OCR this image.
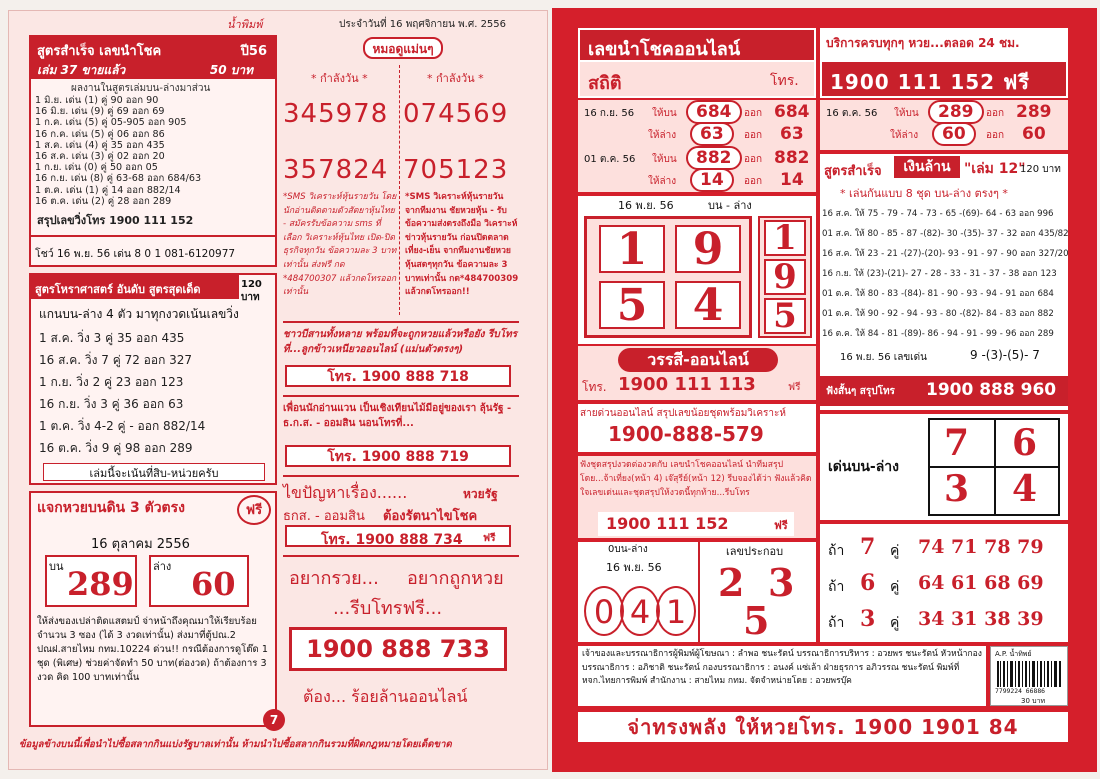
น้ำพิมพ์	ประจำวันที่ 16 พฤศจิกายน พ.ศ. 2556
สูตรสำเร็จ เลขนำโชค	ปี56
เล่ม 37 ขายแล้ว	50 บาท
ผลงานในสูตรเล่มบน-ล่างมาส่วน
1 มิ.ย. เด่น (1) คู่ 90 ออก 90
16 มิ.ย. เด่น (9) คู่ 69 ออก 69
1 ก.ค. เด่น (5) คู่ 05-905 ออก 905
16 ก.ค. เด่น (5) คู่ 06 ออก 86
1 ส.ค. เด่น (4) คู่ 35 ออก 435
16 ส.ค. เด่น (3) คู่ 02 ออก 20
1 ก.ย. เด่น (0) คู่ 50 ออก 05
16 ก.ย. เด่น (8) คู่ 63-68 ออก 684/63
1 ต.ค. เด่น (1) คู่ 14 ออก 882/14
16 ต.ค. เด่น (2) คู่ 28 ออก 289
สรุปเลขวิ่งโทร 1900 111 152
โชว์ 16 พ.ย. 56 เด่น 8 0 1 081-6120977
สูตรโหราศาสตร์ อันดับ สูตรสุดเด็ด	120 บาท
แกนบน-ล่าง 4 ตัว มาทุกงวดเน้นเลขวิ่ง
1 ส.ค. วิ่ง 3 คู่ 35 ออก 435
16 ส.ค. วิ่ง 7 คู่ 72 ออก 327
1 ก.ย. วิ่ง 2 คู่ 23 ออก 123
16 ก.ย. วิ่ง 3 คู่ 36 ออก 63
1 ต.ค. วิ่ง 4-2 คู่ - ออก 882/14
16 ต.ค. วิ่ง 9 คู่ 98 ออก 289
เล่มนี้จะเน้นที่สิบ-หน่วยครับ
แจกหวยบนดิน 3 ตัวตรง	ฟรี
16 ตุลาคม 2556
บน 289 ล่าง 60
ให้ส่งของเปล่าติดแสตมป์ จ่าหน้าถึงคุณมาให้เรียบร้อย จำนวน 3 ซอง (ได้ 3 งวดเท่านั้น) ส่งมาที่ตู้ปณ.2 ปณฝ.สายไหม กทม.10224 ด่วน!! กรณีต้องการดูโต๊ด 1 ชุด (พิเศษ) ช่วยค่าจัดทำ 50 บาท(ต่องวด) ถ้าต้องการ 3 งวด คิด 100 บาทเท่านั้น
หมอดูแม่นๆ
* กำลังวัน *	* กำลังวัน *
345978 074569
357824 705123
*SMS วิเคราะห์หุ้นรายวัน โดยนักอ่านติดตามตัวสัตยาหุ้นไทย - สมัครรับข้อความ sms ที่เลือก วิเคราะห์หุ้นไทย เปิด-ปิด ธุรกิจทุกวัน ข้อความละ 3 บาทเท่านั้น ส่งฟรี กด *484700307 แล้วกดโทรออกเท่านั้น
*SMS วิเคราะห์หุ้นรายวัน จากทีมงาน ชัยหวยหุ้น - รับข้อความส่งตรงถึงมือ วิเคราะห์ข่าวหุ้นรายวัน ก่อนปิดตลาดเที่ยง-เย็น จากทีมงานชัยหวยหุ้นสดๆทุกวัน ข้อความละ 3 บาทเท่านั้น กด*484700309 แล้วกดโทรออก!!
ชาวบีสานทั้งหลาย พร้อมที่จะถูกหวยแล้วหรือยัง รีบโทรที่...ลูกข้าวเหนียวออนไลน์ (แม่นตัวตรงๆ)
โทร. 1900 888 718
เพื่อนนักอ่านแวน เป็นเชิงเทียนไม้มีอยู่ของเรา ลุ้นรัฐ - ธ.ก.ส. - ออมสิน นอนโทรที่...
โทร. 1900 888 719
ไขปัญหาเรื่อง......	หวยรัฐ
ธกส. - ออมสิน ต้องรัตนาไขโชค
โทร. 1900 888 734 ฟรี
อยากรวย... อยากถูกหวย
...รีบโทรฟรี...
1900 888 733
ต้อง... ร้อยล้านออนไลน์
7
ข้อมูลข้างบนนี้เพื่อนำไปซื้อสลากกินแบ่งรัฐบาลเท่านั้น ห้ามนำไปซื้อสลากกินรวมที่ผิดกฎหมายโดยเด็ดขาด
เลขนำโชคออนไลน์
สถิติ	โทร.
บริการครบทุกๆ หวย...ตลอด 24 ชม.
1900 111 152 ฟรี
16 พ.ย. 56	บน - ล่าง
1	9
5	4
1
9
5
วรรสี-ออนไลน์
โทร. 1900 111 113	ฟรี
สายด่วนออนไลน์ สรุปเลขน้อยชุดพร้อมวิเคราะห์
1900-888-579
ฟังชุดสรุปงวดต่องวดกับ เลขนำโชคออนไลน์ นำทีมสรุปโดย...จ้าเที่ยง(หน้า 4) เจ๊สุรีย์(หน้า 12) รีบจองได้ว่า ฟังแล้วคิดใจเลขเด่นและชุดสรุปให้งวดนี้ทุกท้าย...รีบโทร
1900 111 152	ฟรี
0บน-ล่าง
16 พ.ย. 56
0 4 1
เลขประกอบ
2 3
5
สูตรสำเร็จ	เงินล้าน "เล่ม 12"
120 บาท
* เล่นกันแบบ 8 ชุด บน-ล่าง ตรงๆ *
16 ส.ค. ให้ 75 - 79 - 74 - 73 - 65 -(69)- 64 - 63 ออก 996
01 ส.ค. ให้ 80 - 85 - 87 -(82)- 30 -(35)- 37 - 32 ออก 435/82
16 ส.ค. ให้ 23 - 21 -(27)-(20)- 93 - 91 - 97 - 90 ออก 327/20
16 ก.ย. ให้ (23)-(21)- 27 - 28 - 33 - 31 - 37 - 38 ออก 123
01 ต.ค. ให้ 80 - 83 -(84)- 81 - 90 - 93 - 94 - 91 ออก 684
01 ต.ค. ให้ 90 - 92 - 94 - 93 - 80 -(82)- 84 - 83 ออก 882
16 ต.ค. ให้ 84 - 81 -(89)- 86 - 94 - 91 - 99 - 96 ออก 289
16 พ.ย. 56 เลขเด่น	9 -(3)-(5)- 7
ฟังสั้นๆ สรุปโทร 1900 888 960
เด่นบน-ล่าง
7 6
3 4
ถ้า 7 คู่ 74 71 78 79
ถ้า 6 คู่ 64 61 68 69
ถ้า 3 คู่ 34 31 38 39
เจ้าของและบรรณาธิการผู้พิมพ์ผู้โฆษณา : ลำพอ ชนะรัตน์ บรรณาธิการบริหาร : อวยพร ชนะรัตน์ หัวหน้ากองบรรณาธิการ : อภิชาติ ชนะรัตน์ กองบรรณาธิการ : อนงค์ แซ่เล้า ฝ่ายธุรการ อภิวรรณ ชนะรัตน์ พิมพ์ที่ หจก.ไทยการพิมพ์ สำนักงาน : สายไหม กทม. จัดจำหน่ายโดย : อวยพรบุ๊ค
A.P. น้ำทิพย์
7799224 66886
30 บาท
จ่าทรงพลัง ให้หวยโทร. 1900 1901 84
16 ก.ย. 56 ให้บน	684	ออก 684
ให้ล่าง	63	ออก 63
01 ต.ค. 56 ให้บน	882	ออก 882
ให้ล่าง	14	ออก 14
16 ต.ค. 56 ให้บน	289	ออก 289
ให้ล่าง	60	ออก 60
